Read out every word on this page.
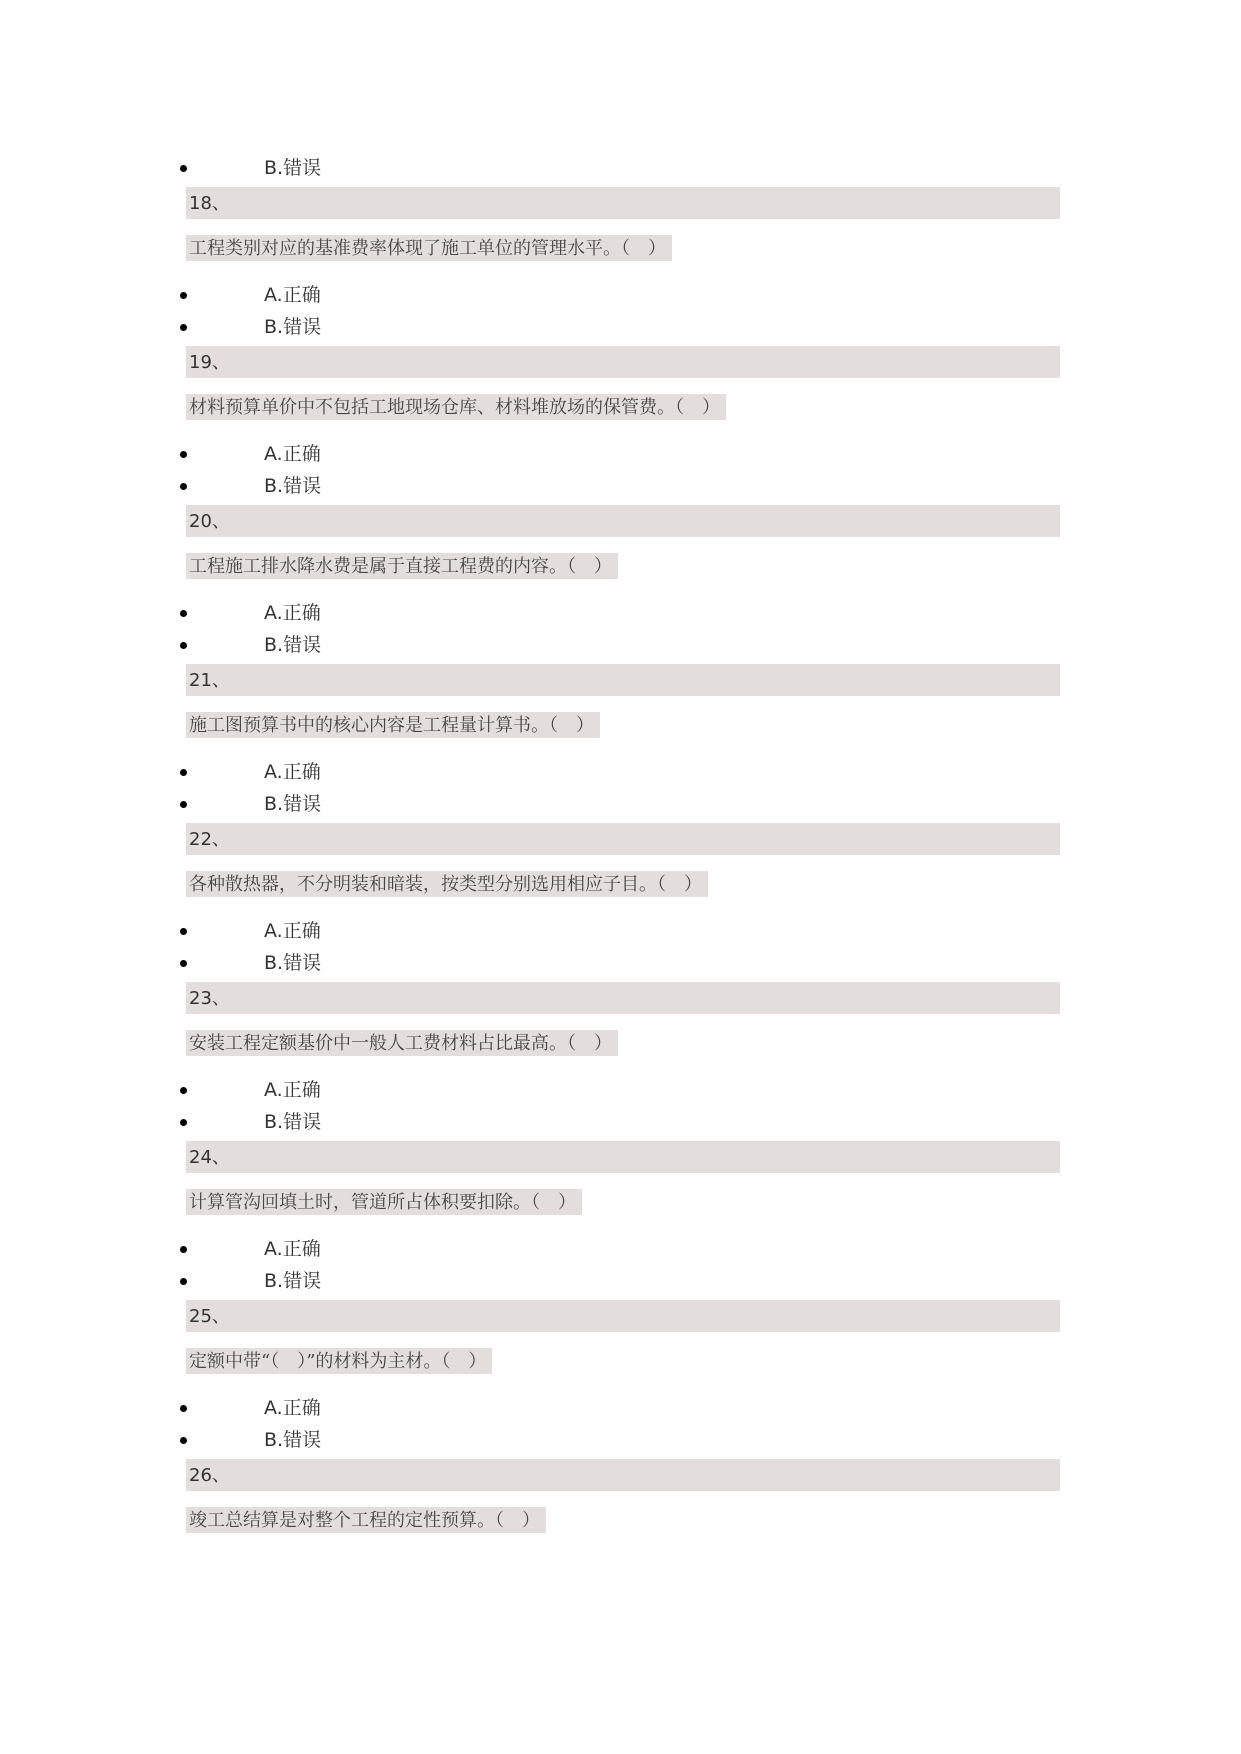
B.错误
18、
工程类别对应的基准费率体现了施工单位的管理水平。（　）
A.正确
B.错误
19、
材料预算单价中不包括工地现场仓库、材料堆放场的保管费。（　）
A.正确
B.错误
20、
工程施工排水降水费是属于直接工程费的内容。（　）
A.正确
B.错误
21、
施工图预算书中的核心内容是工程量计算书。（　）
A.正确
B.错误
22、
各种散热器，不分明装和暗装，按类型分别选用相应子目。（　）
A.正确
B.错误
23、
安装工程定额基价中一般人工费材料占比最高。（　）
A.正确
B.错误
24、
计算管沟回填土时，管道所占体积要扣除。（　）
A.正确
B.错误
25、
定额中带“（　）”的材料为主材。（　）
A.正确
B.错误
26、
竣工总结算是对整个工程的定性预算。（　）
